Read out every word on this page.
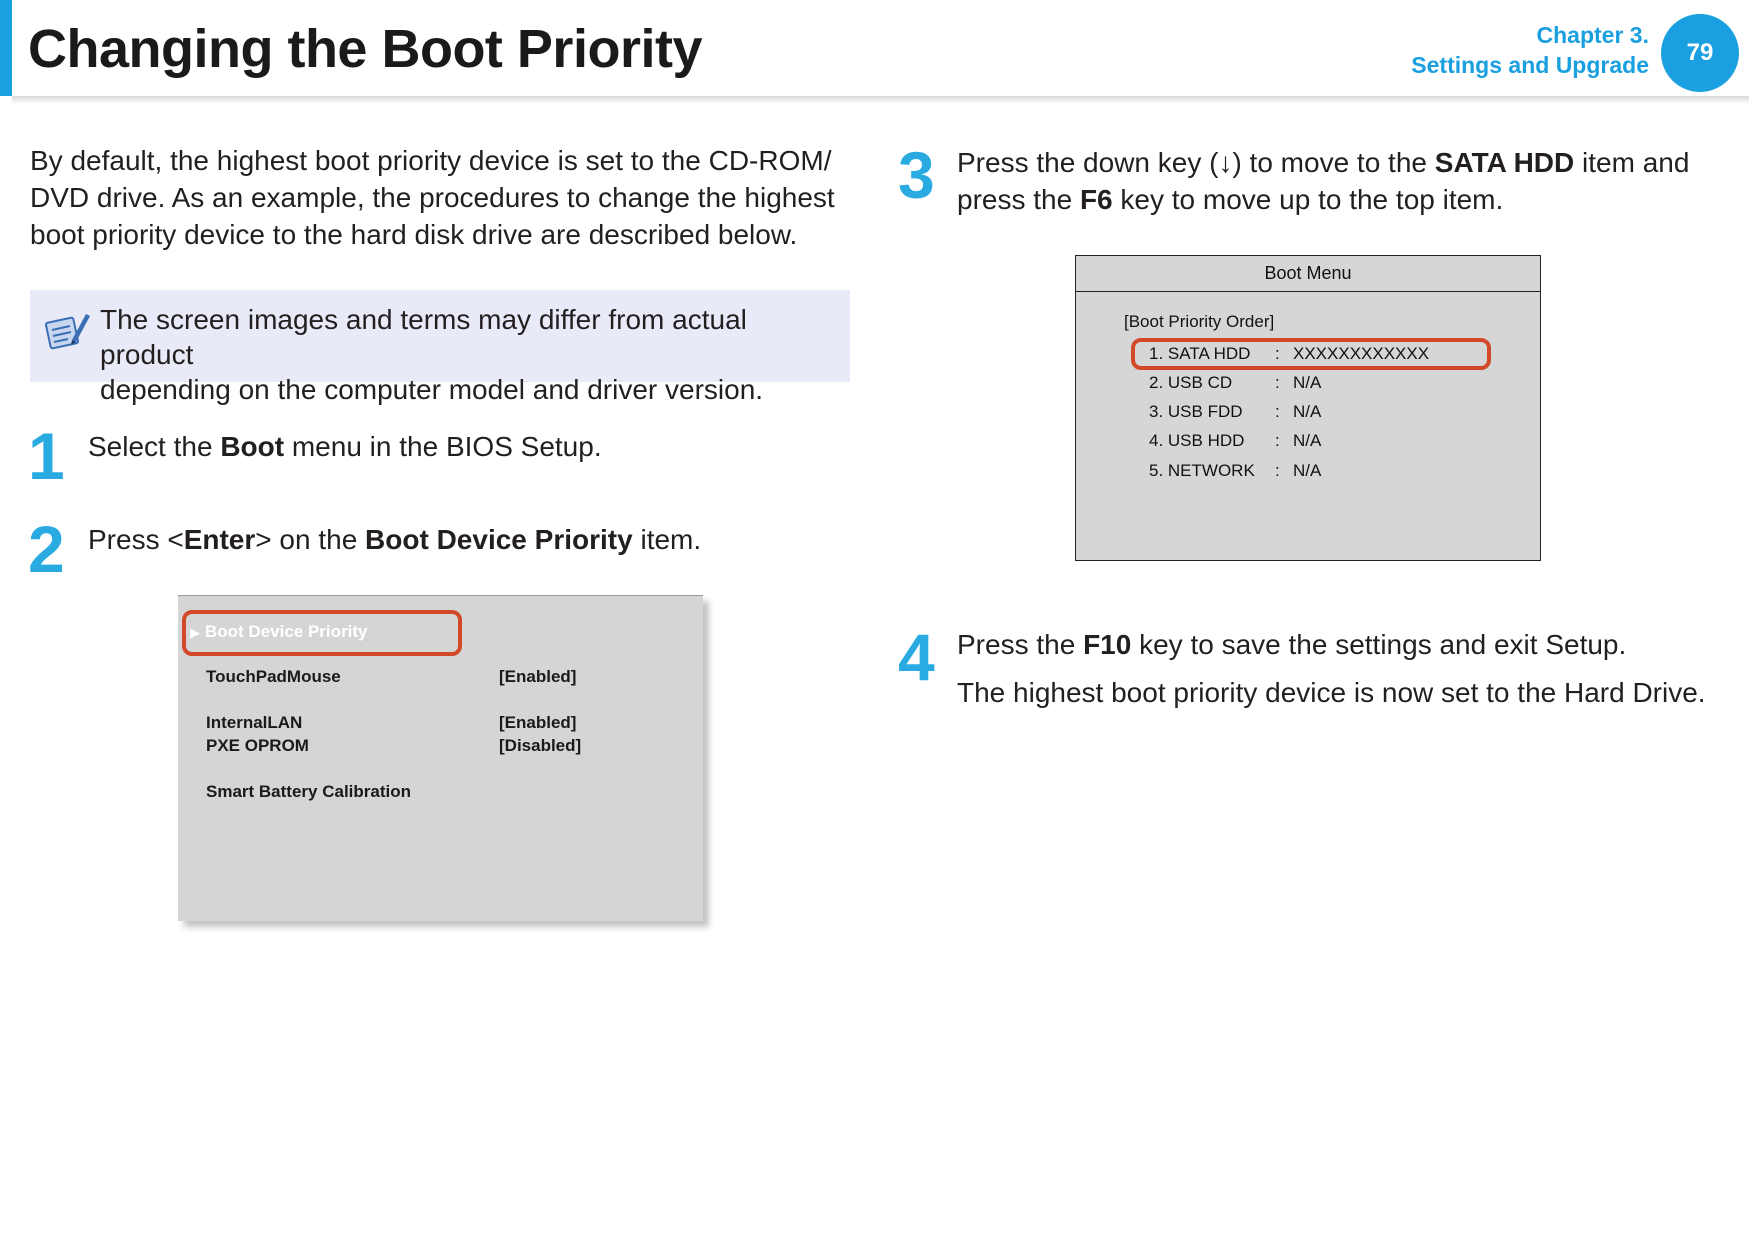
Changing the Boot Priority	Chapter 3.
Settings and Upgrade	79
By default, the highest boot priority device is set to the CD-ROM/
DVD drive. As an example, the procedures to change the highest
boot priority device to the hard disk drive are described below.
The screen images and terms may differ from actual product
depending on the computer model and driver version.
1 Select the Boot menu in the BIOS Setup.
2 Press <Enter> on the Boot Device Priority item.
▶ Boot Device Priority
TouchPadMouse	[Enabled]
InternalLAN	[Enabled]
PXE OPROM	[Disabled]
Smart Battery Calibration
3 Press the down key (↓) to move to the SATA HDD item and
press the F6 key to move up to the top item.
Boot Menu
[Boot Priority Order]
1. SATA HDD : XXXXXXXXXXXX
2. USB CD	: N/A
3. USB FDD : N/A
4. USB HDD : N/A
5. NETWORK : N/A
4 Press the F10 key to save the settings and exit Setup.
The highest boot priority device is now set to the Hard Drive.
